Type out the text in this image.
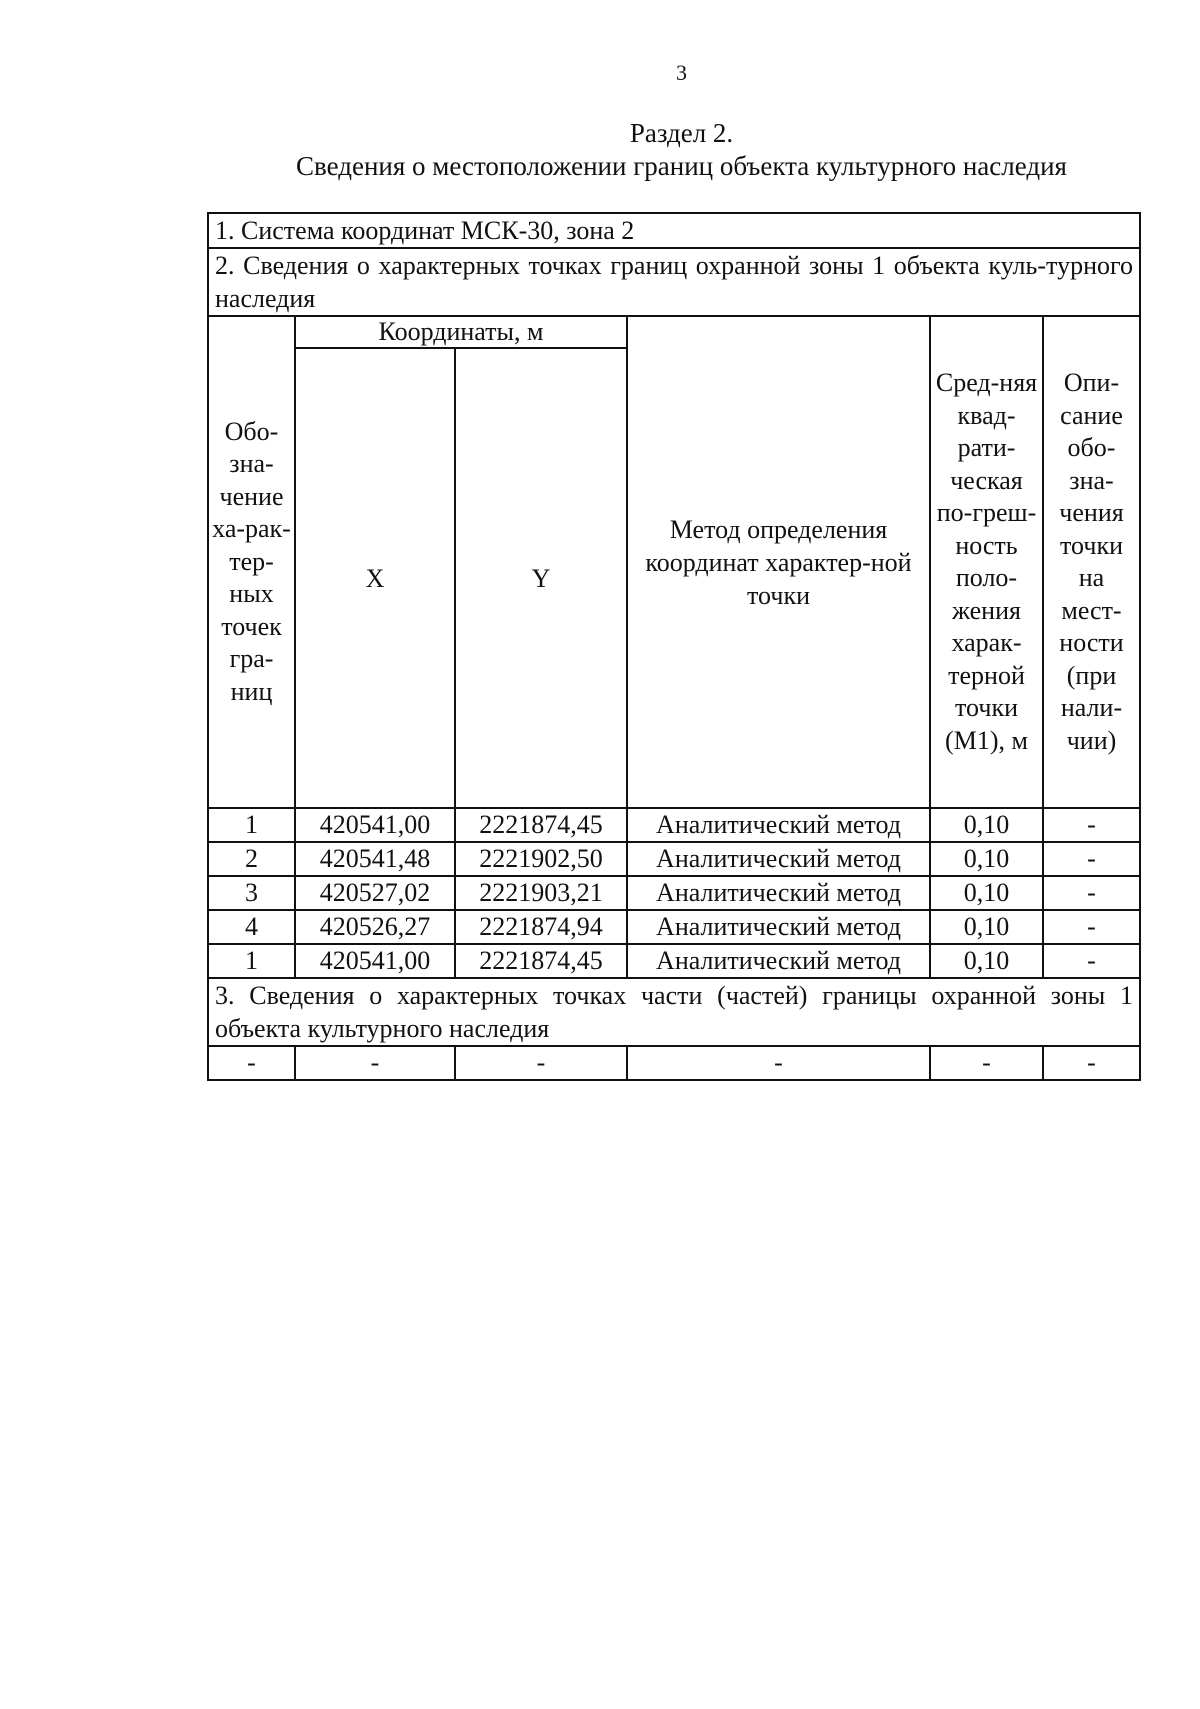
3
Раздел 2.
Сведения о местоположении границ объекта культурного наследия
1. Система координат МСК-30, зона 2					
2. Сведения о характерных точках границ охранной зоны 1 объекта куль-турного наследия					
Обо-зна-чение ха-рак-тер-ных точек гра-ниц	Координаты, м		Метод определения координат характер-ной точки	Сред-няя квад-рати-ческая по-греш-ность поло-жения харак-терной точки (М1), м	Опи-сание обо-зна-чения точки на мест-ности (при нали-чии)
	X	Y			
1	420541,00	2221874,45	Аналитический метод	0,10	-
2	420541,48	2221902,50	Аналитический метод	0,10	-
3	420527,02	2221903,21	Аналитический метод	0,10	-
4	420526,27	2221874,94	Аналитический метод	0,10	-
1	420541,00	2221874,45	Аналитический метод	0,10	-
3. Сведения о характерных точках части (частей) границы охранной зоны 1 объекта культурного наследия					
-	-	-	-	-	-
